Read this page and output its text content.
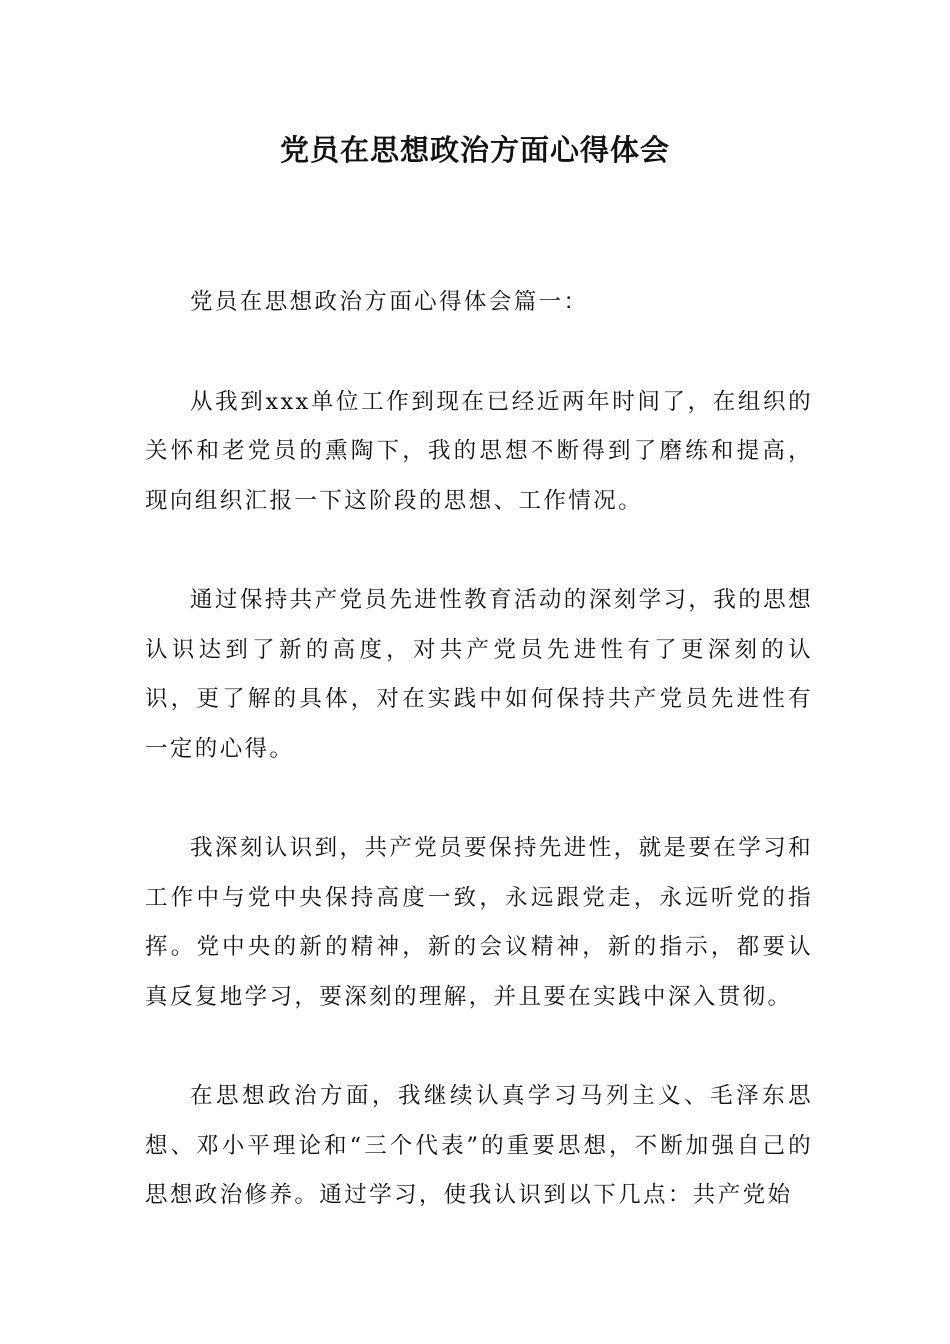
党员在思想政治方面心得体会

党员在思想政治方面心得体会篇一：

从我到xxx单位工作到现在已经近两年时间了，在组织的关怀和老党员的熏陶下，我的思想不断得到了磨练和提高，现向组织汇报一下这阶段的思想、工作情况。

通过保持共产党员先进性教育活动的深刻学习，我的思想认识达到了新的高度，对共产党员先进性有了更深刻的认识，更了解的具体，对在实践中如何保持共产党员先进性有一定的心得。

我深刻认识到，共产党员要保持先进性，就是要在学习和工作中与党中央保持高度一致，永远跟党走，永远听党的指挥。党中央的新的精神，新的会议精神，新的指示，都要认真反复地学习，要深刻的理解，并且要在实践中深入贯彻。

在思想政治方面，我继续认真学习马列主义、毛泽东思想、邓小平理论和“三个代表”的重要思想，不断加强自己的思想政治修养。通过学习，使我认识到以下几点：共产党始
